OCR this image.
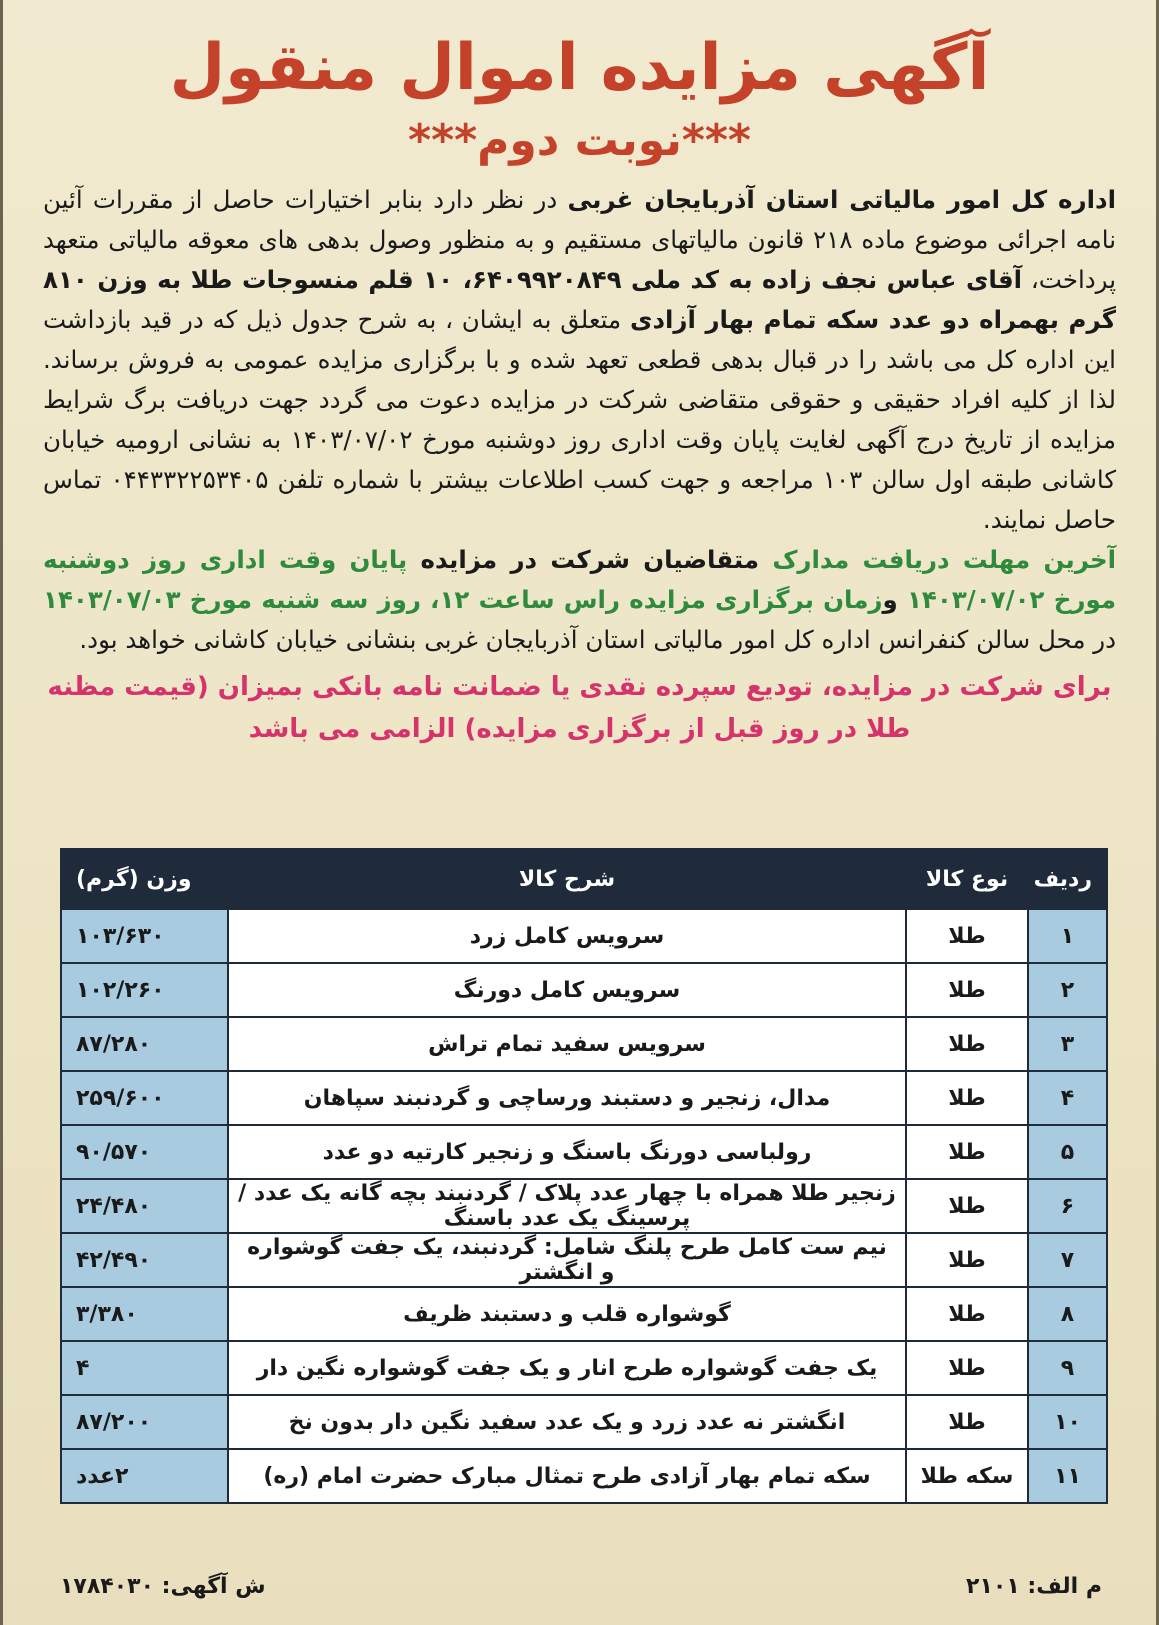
آگهی مزایده اموال منقول
***نوبت دوم***

اداره کل امور مالیاتی استان آذربایجان غربی در نظر دارد بنابر اختیارات حاصل از مقررات آئین نامه اجرائی موضوع ماده ۲۱۸ قانون مالیاتهای مستقیم و به منظور وصول بدهی های معوقه مالیاتی متعهد پرداخت، آقای عباس نجف زاده به کد ملی ۶۴۰۹۹۲۰۸۴۹، ۱۰ قلم منسوجات طلا به وزن ۸۱۰ گرم بهمراه دو عدد سکه تمام بهار آزادی متعلق به ایشان ، به شرح جدول ذیل که در قید بازداشت این اداره کل می باشد را در قبال بدهی قطعی تعهد شده و با برگزاری مزایده عمومی به فروش برساند. لذا از کلیه افراد حقیقی و حقوقی متقاضی شرکت در مزایده دعوت می گردد جهت دریافت برگ شرایط مزایده از تاریخ درج آگهی لغایت پایان وقت اداری روز دوشنبه مورخ ۱۴۰۳/۰۷/۰۲ به نشانی ارومیه خیابان کاشانی طبقه اول سالن ۱۰۳ مراجعه و جهت کسب اطلاعات بیشتر با شماره تلفن ۰۴۴۳۳۲۲۵۳۴۰۵ تماس حاصل نمایند.

آخرین مهلت دریافت مدارک متقاضیان شرکت در مزایده پایان وقت اداری روز دوشنبه مورخ ۱۴۰۳/۰۷/۰۲ وزمان برگزاری مزایده راس ساعت ۱۲، روز سه شنبه مورخ ۱۴۰۳/۰۷/۰۳ در محل سالن کنفرانس اداره کل امور مالیاتی استان آذربایجان غربی بنشانی خیابان کاشانی خواهد بود.

برای شرکت در مزایده، تودیع سپرده نقدی یا ضمانت نامه بانکی بمیزان (قیمت مظنه طلا در روز قبل از برگزاری مزایده) الزامی می باشد
ردیف	نوع کالا	شرح کالا	وزن (گرم)
۱	طلا	سرویس کامل زرد	۱۰۳/۶۳۰
۲	طلا	سرویس کامل دورنگ	۱۰۲/۲۶۰
۳	طلا	سرویس سفید تمام تراش	۸۷/۲۸۰
۴	طلا	مدال، زنجیر و دستبند ورساچی و گردنبند سپاهان	۲۵۹/۶۰۰
۵	طلا	رولباسی دورنگ باسنگ و زنجیر کارتیه دو عدد	۹۰/۵۷۰
۶	طلا	زنجیر طلا همراه با چهار عدد پلاک / گردنبند بچه گانه یک عدد / پرسینگ یک عدد باسنگ	۲۴/۴۸۰
۷	طلا	نیم ست کامل طرح پلنگ شامل: گردنبند، یک جفت گوشواره و انگشتر	۴۲/۴۹۰
۸	طلا	گوشواره قلب و دستبند ظریف	۳/۳۸۰
۹	طلا	یک جفت گوشواره طرح انار و یک جفت گوشواره نگین دار	۴
۱۰	طلا	انگشتر نه عدد زرد و یک عدد سفید نگین دار بدون نخ	۸۷/۲۰۰
۱۱	سکه طلا	سکه تمام بهار آزادی طرح تمثال مبارک حضرت امام (ره)	۲عدد
م الف: ۲۱۰۱
ش آگهی: ۱۷۸۴۰۳۰
